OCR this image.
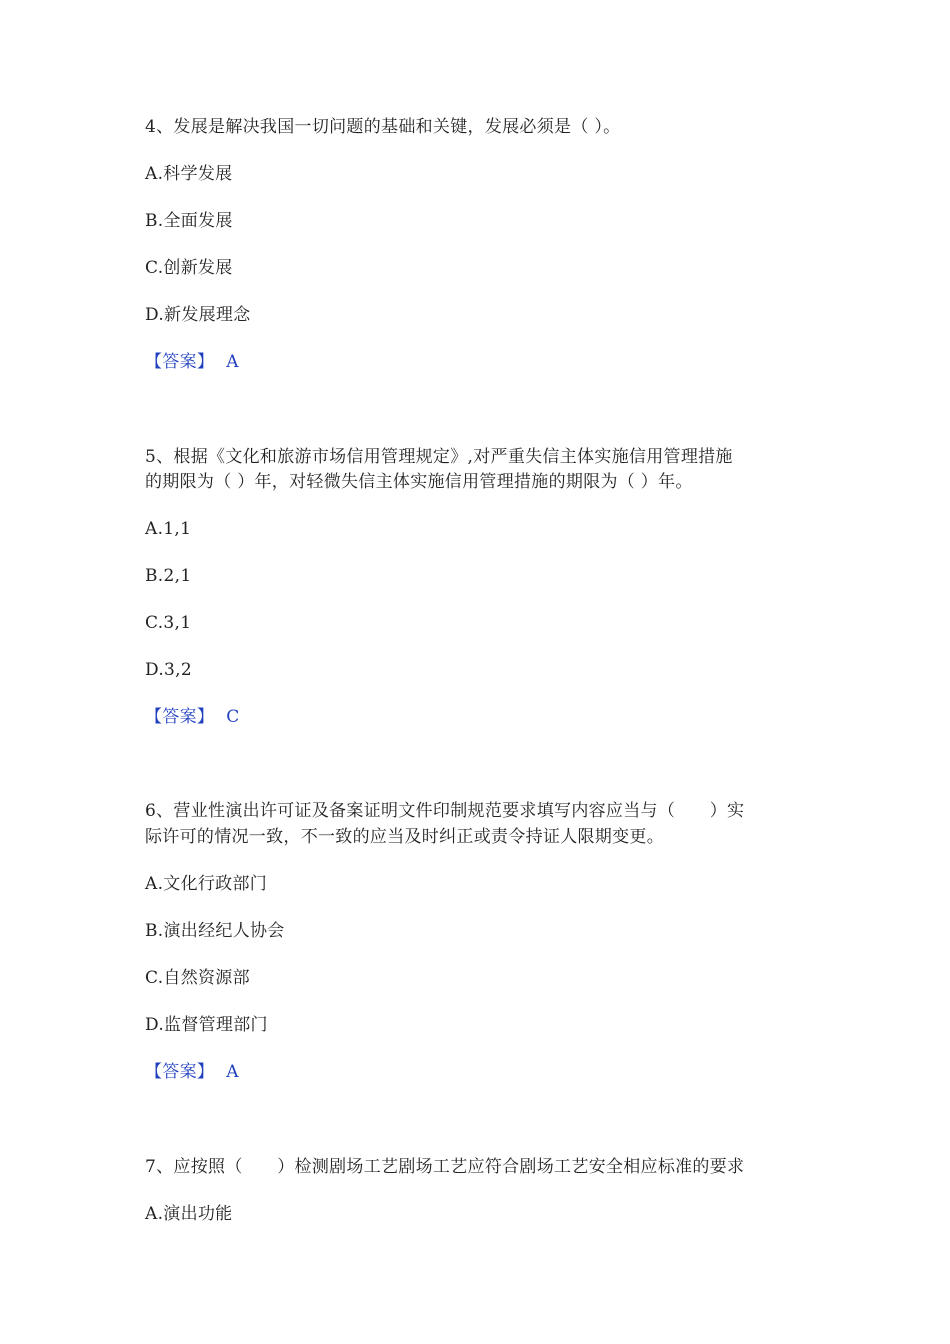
4、发展是解决我国一切问题的基础和关键，发展必须是（ ）。
A.科学发展
B.全面发展
C.创新发展
D.新发展理念
【答案】 A
5、根据《文化和旅游市场信用管理规定》,对严重失信主体实施信用管理措施
的期限为（ ）年，对轻微失信主体实施信用管理措施的期限为（ ）年。
A.1,1
B.2,1
C.3,1
D.3,2
【答案】 C
6、营业性演出许可证及备案证明文件印制规范要求填写内容应当与（　　）实
际许可的情况一致，不一致的应当及时纠正或责令持证人限期变更。
A.文化行政部门
B.演出经纪人协会
C.自然资源部
D.监督管理部门
【答案】 A
7、应按照（　　）检测剧场工艺剧场工艺应符合剧场工艺安全相应标准的要求
A.演出功能
